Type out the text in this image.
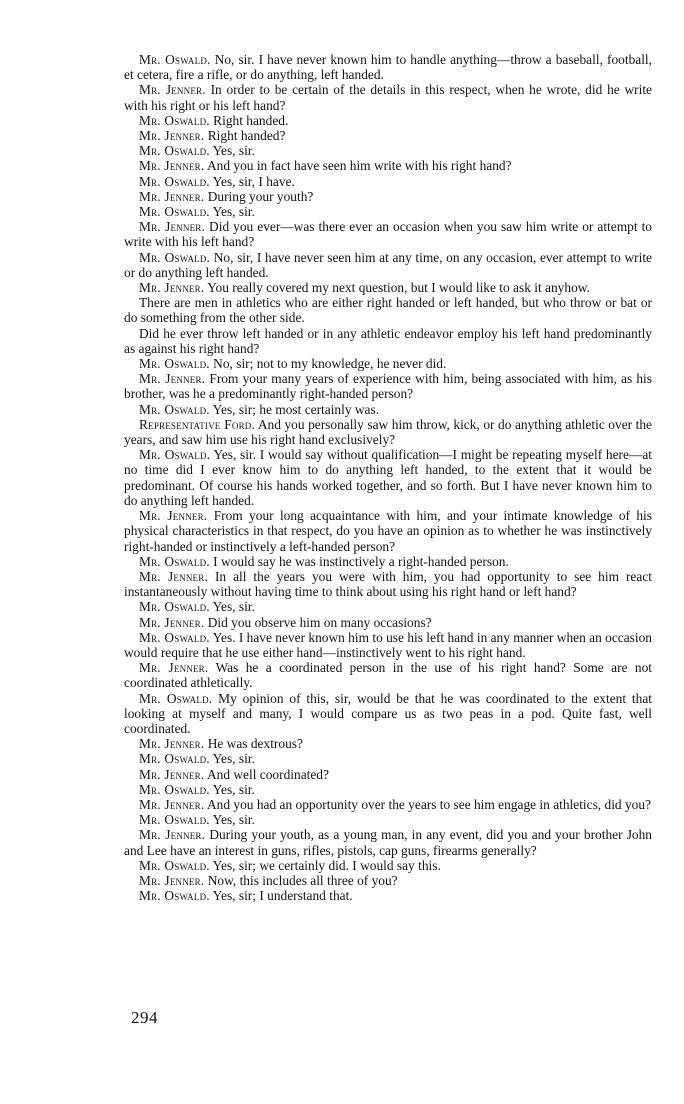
Mr. Oswald. No, sir. I have never known him to handle anything—throw a baseball, football, et cetera, fire a rifle, or do anything, left handed.

Mr. Jenner. In order to be certain of the details in this respect, when he wrote, did he write with his right or his left hand?

Mr. Oswald. Right handed.

Mr. Jenner. Right handed?

Mr. Oswald. Yes, sir.

Mr. Jenner. And you in fact have seen him write with his right hand?

Mr. Oswald. Yes, sir, I have.

Mr. Jenner. During your youth?

Mr. Oswald. Yes, sir.

Mr. Jenner. Did you ever—was there ever an occasion when you saw him write or attempt to write with his left hand?

Mr. Oswald. No, sir, I have never seen him at any time, on any occasion, ever attempt to write or do anything left handed.

Mr. Jenner. You really covered my next question, but I would like to ask it anyhow.

There are men in athletics who are either right handed or left handed, but who throw or bat or do something from the other side.

Did he ever throw left handed or in any athletic endeavor employ his left hand predominantly as against his right hand?

Mr. Oswald. No, sir; not to my knowledge, he never did.

Mr. Jenner. From your many years of experience with him, being associated with him, as his brother, was he a predominantly right-handed person?

Mr. Oswald. Yes, sir; he most certainly was.

Representative Ford. And you personally saw him throw, kick, or do anything athletic over the years, and saw him use his right hand exclusively?

Mr. Oswald. Yes, sir. I would say without qualification—I might be repeating myself here—at no time did I ever know him to do anything left handed, to the extent that it would be predominant. Of course his hands worked together, and so forth. But I have never known him to do anything left handed.

Mr. Jenner. From your long acquaintance with him, and your intimate knowledge of his physical characteristics in that respect, do you have an opinion as to whether he was instinctively right-handed or instinctively a left-handed person?

Mr. Oswald. I would say he was instinctively a right-handed person.

Mr. Jenner. In all the years you were with him, you had opportunity to see him react instantaneously without having time to think about using his right hand or left hand?

Mr. Oswald. Yes, sir.

Mr. Jenner. Did you observe him on many occasions?

Mr. Oswald. Yes. I have never known him to use his left hand in any manner when an occasion would require that he use either hand—instinctively went to his right hand.

Mr. Jenner. Was he a coordinated person in the use of his right hand? Some are not coordinated athletically.

Mr. Oswald. My opinion of this, sir, would be that he was coordinated to the extent that looking at myself and many, I would compare us as two peas in a pod. Quite fast, well coordinated.

Mr. Jenner. He was dextrous?

Mr. Oswald. Yes, sir.

Mr. Jenner. And well coordinated?

Mr. Oswald. Yes, sir.

Mr. Jenner. And you had an opportunity over the years to see him engage in athletics, did you?

Mr. Oswald. Yes, sir.

Mr. Jenner. During your youth, as a young man, in any event, did you and your brother John and Lee have an interest in guns, rifles, pistols, cap guns, firearms generally?

Mr. Oswald. Yes, sir; we certainly did. I would say this.

Mr. Jenner. Now, this includes all three of you?

Mr. Oswald. Yes, sir; I understand that.

294
